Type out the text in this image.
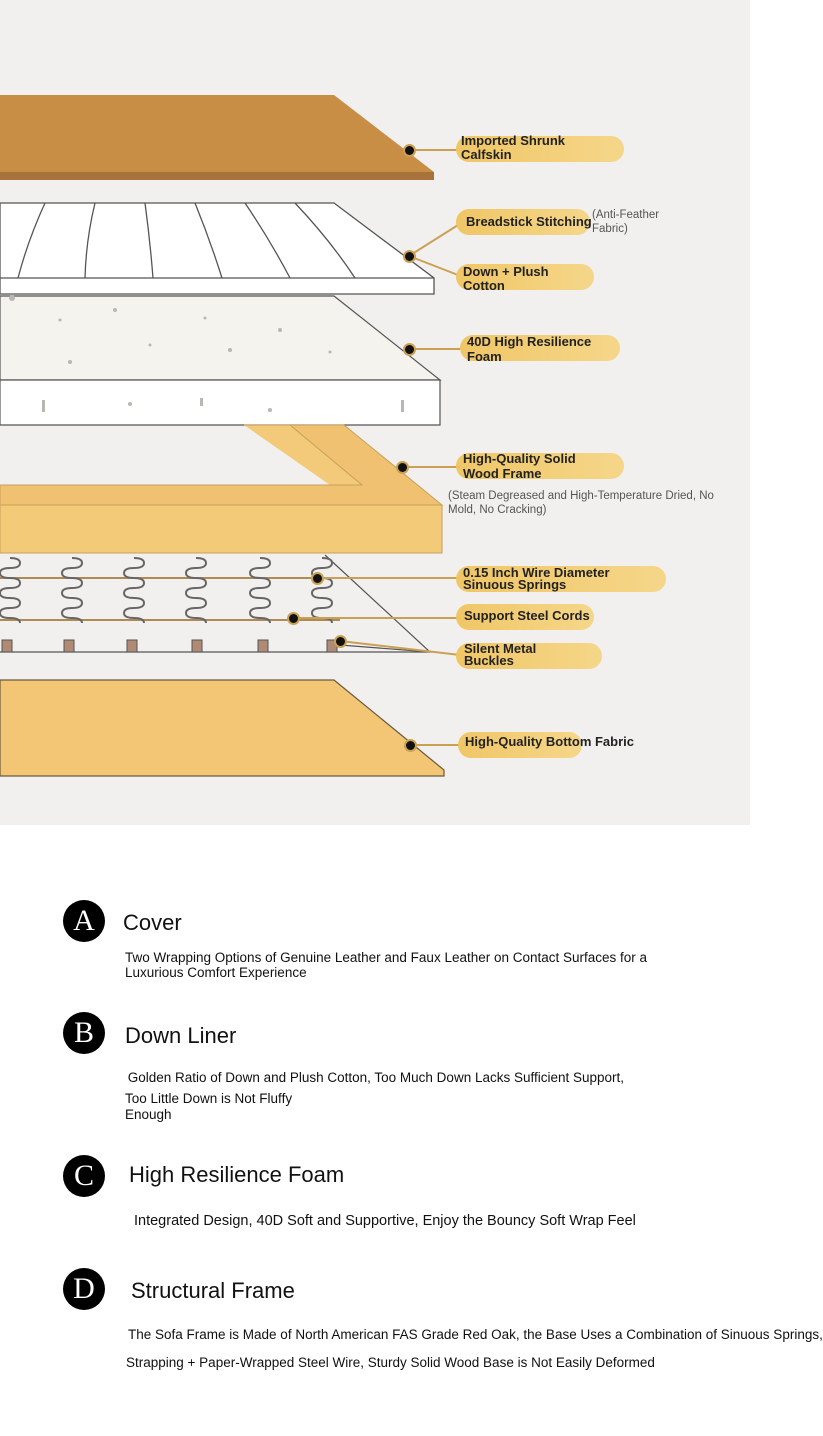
Imported Shrunk
Calfskin
Breadstick Stitching (Anti-Feather
Fabric)
Down + Plush
Cotton
40D High Resilience
Foam
High-Quality Solid
Wood Frame
(Steam Degreased and High-Temperature Dried, No
Mold, No Cracking)
0.15 Inch Wire Diameter
Sinuous Springs
Support Steel Cords
Silent Metal
Buckles
High-Quality Bottom Fabric
A	Cover
Two Wrapping Options of Genuine Leather and Faux Leather on Contact Surfaces for a
Luxurious Comfort Experience
B	Down Liner
Golden Ratio of Down and Plush Cotton, Too Much Down Lacks Sufficient Support,
Too Little Down is Not Fluffy
Enough
C	High Resilience Foam
Integrated Design, 40D Soft and Supportive, Enjoy the Bouncy Soft Wrap Feel
D	Structural Frame
The Sofa Frame is Made of North American FAS Grade Red Oak, the Base Uses a Combination of Sinuous Springs,
Strapping + Paper-Wrapped Steel Wire, Sturdy Solid Wood Base is Not Easily Deformed
